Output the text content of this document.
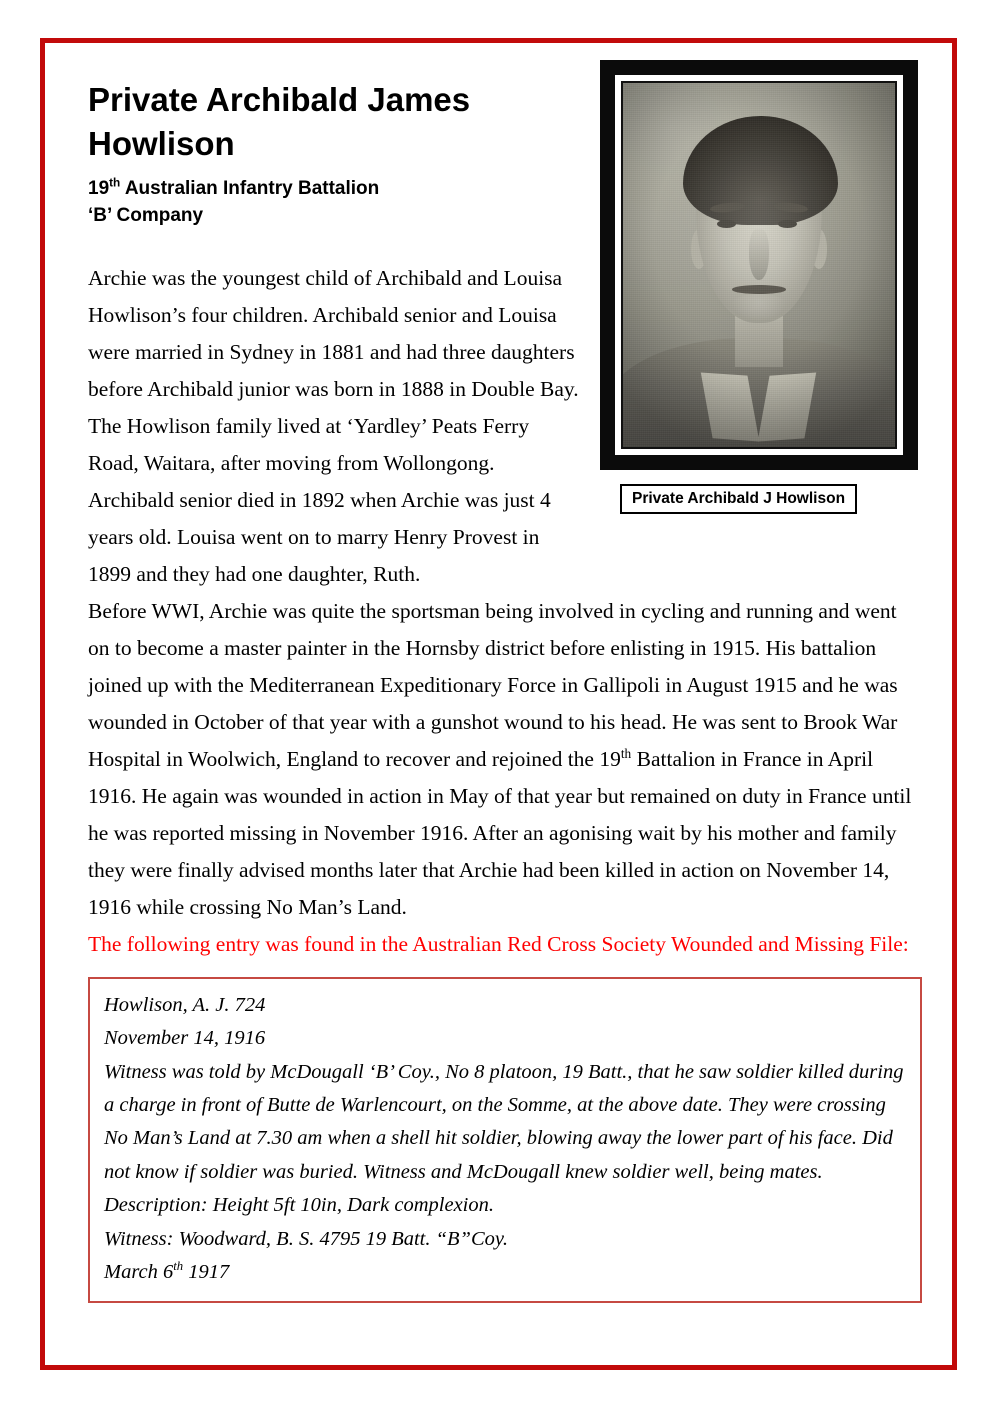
Private Archibald J Howlison
Private Archibald James Howlison
19th Australian Infantry Battalion
‘B’ Company

Archie was the youngest child of Archibald and Louisa Howlison’s four children. Archibald senior and Louisa were married in Sydney in 1881 and had three daughters before Archibald junior was born in 1888 in Double Bay. The Howlison family lived at ‘Yardley’ Peats Ferry Road, Waitara, after moving from Wollongong. Archibald senior died in 1892 when Archie was just 4 years old. Louisa went on to marry Henry Provest in 1899 and they had one daughter, Ruth.

Before WWI, Archie was quite the sportsman being involved in cycling and running and went on to become a master painter in the Hornsby district before enlisting in 1915. His battalion joined up with the Mediterranean Expeditionary Force in Gallipoli in August 1915 and he was wounded in October of that year with a gunshot wound to his head. He was sent to Brook War Hospital in Woolwich, England to recover and rejoined the 19th Battalion in France in April 1916. He again was wounded in action in May of that year but remained on duty in France until he was reported missing in November 1916. After an agonising wait by his mother and family they were finally advised months later that Archie had been killed in action on November 14, 1916 while crossing No Man’s Land.

The following entry was found in the Australian Red Cross Society Wounded and Missing File:

Howlison, A. J. 724

November 14, 1916

Witness was told by McDougall ‘B’ Coy., No 8 platoon, 19 Batt., that he saw soldier killed during a charge in front of Butte de Warlencourt, on the Somme, at the above date. They were crossing No Man’s Land at 7.30 am when a shell hit soldier, blowing away the lower part of his face. Did not know if soldier was buried. Witness and McDougall knew soldier well, being mates.

Description: Height 5ft 10in, Dark complexion.

Witness: Woodward, B. S. 4795 19 Batt. “B”Coy.

March 6th 1917
